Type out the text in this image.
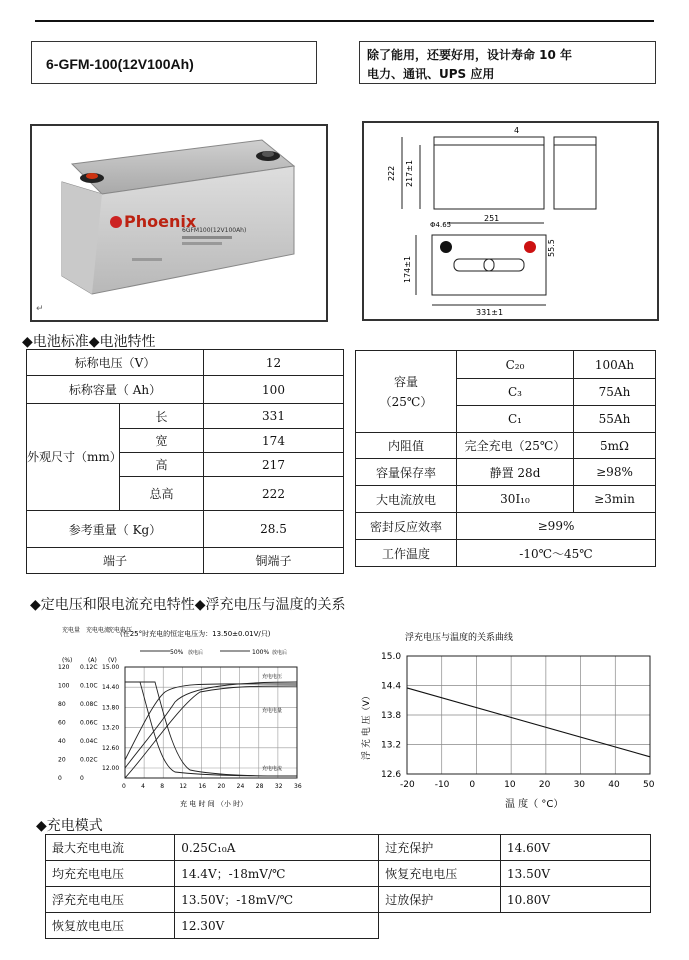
6-GFM-100(12V100Ah)
除了能用，还要好用，设计寿命 10 年
电力、通讯、UPS 应用
Phoenix
6GFM100(12V100Ah)
222 217±1
4
251
Φ4.65
55.5
174±1
331±1
◆电池标准◆电池特性
标称电压（V）		12
标称容量（ Ah）		100
外观尺寸（mm）	长	331
	宽	174
	高	217
	总高	222
参考重量（ Kg）		28.5
端子		铜端子
容量
（25℃）	C₂₀	100Ah
	C₃	75Ah
	C₁	55Ah
内阻值	完全充电（25℃）	5mΩ
容量保存率	静置 28d	≥98%
大电流放电	30I₁₀	≥3min
密封反应效率	≥99%	
工作温度	-10℃～45℃	
◆定电压和限电流充电特性◆浮充电压与温度的关系
(在25°时充电的恒定电压为：13.50±0.01V/只)
50% 放电后	100% 放电后
充电量 充电电流
充电电压
(%)	(A) (V)
0	4	8	12 16 20 24 28 32 36
15.00
14.40
13.80
13.20
12.60
12.00
120 0.12C
100 0.10C
80 0.08C
60 0.06C
40 0.04C
20 0.02C
0	0
充电电压
充电电量
充电电流
充 电 时 间 （小 时）
浮充电压与温度的关系曲线
-20 -10 0	10	20	30	40	50
15.0
14.4
13.8
13.2
12.6
浮 充 电 压（V）
温 度（ °C）
◆充电模式
最大充电电流	0.25C₁₀A	过充保护	14.60V
均充充电电压	14.4V；-18mV/℃	恢复充电电压	13.50V
浮充充电电压	13.50V；-18mV/℃	过放保护	10.80V
恢复放电电压	12.30V		
↵
